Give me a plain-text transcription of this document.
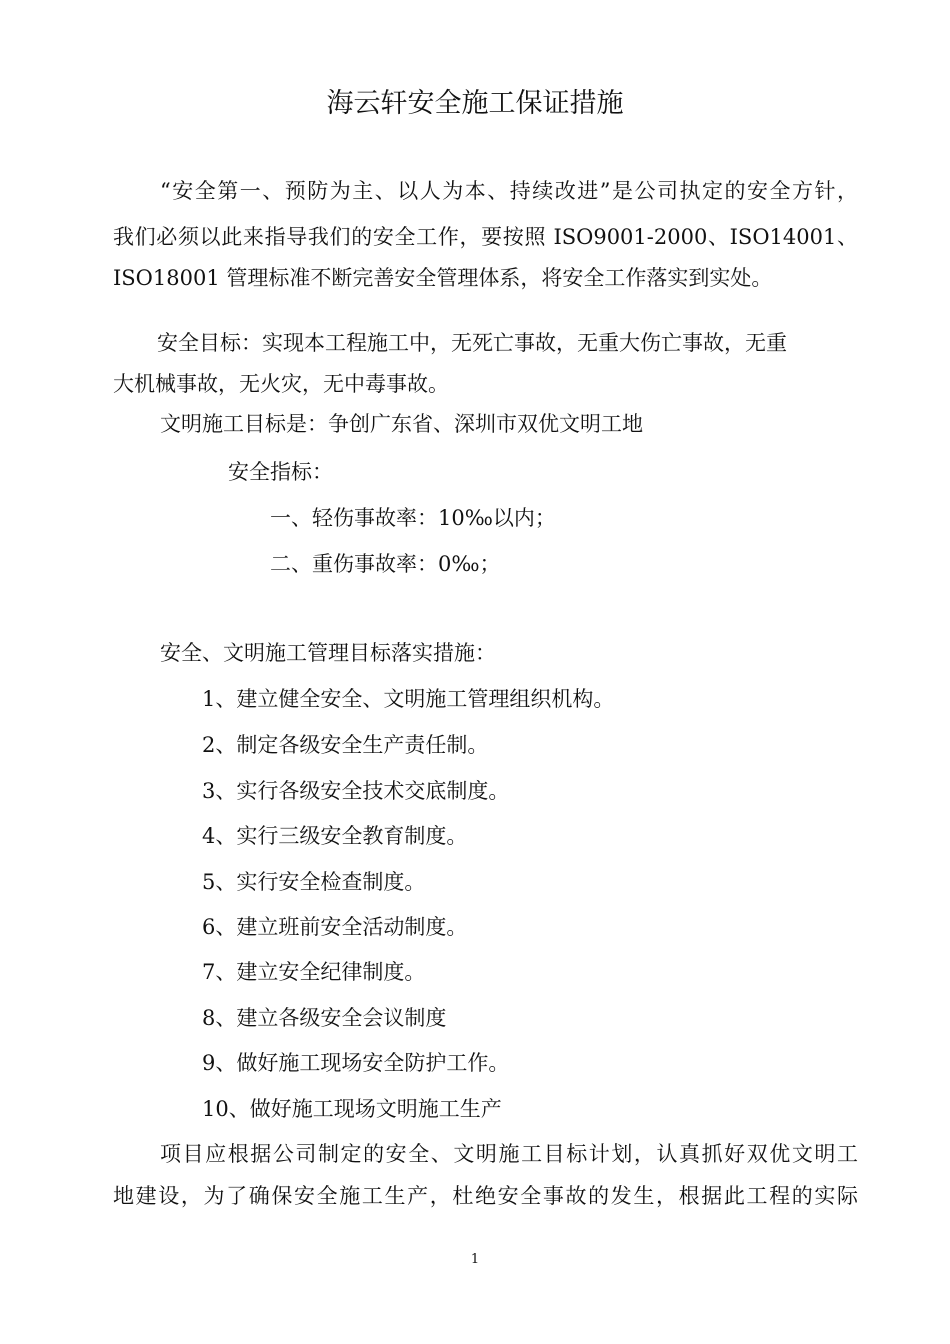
海云轩安全施工保证措施
“安全第一、预防为主、以人为本、持续改进”是公司执定的安全方针，
我们必须以此来指导我们的安全工作，要按照 ISO9001-2000、ISO14001、
ISO18001 管理标准不断完善安全管理体系，将安全工作落实到实处。
安全目标：实现本工程施工中，无死亡事故，无重大伤亡事故，无重
大机械事故，无火灾，无中毒事故。
文明施工目标是：争创广东省、深圳市双优文明工地
安全指标：
一、轻伤事故率：10‰以内；
二、重伤事故率：0‰；
安全、文明施工管理目标落实措施：
1、建立健全安全、文明施工管理组织机构。
2、制定各级安全生产责任制。
3、实行各级安全技术交底制度。
4、实行三级安全教育制度。
5、实行安全检查制度。
6、建立班前安全活动制度。
7、建立安全纪律制度。
8、建立各级安全会议制度
9、做好施工现场安全防护工作。
10、做好施工现场文明施工生产
项目应根据公司制定的安全、文明施工目标计划，认真抓好双优文明工
地建设，为了确保安全施工生产，杜绝安全事故的发生，根据此工程的实际
1
